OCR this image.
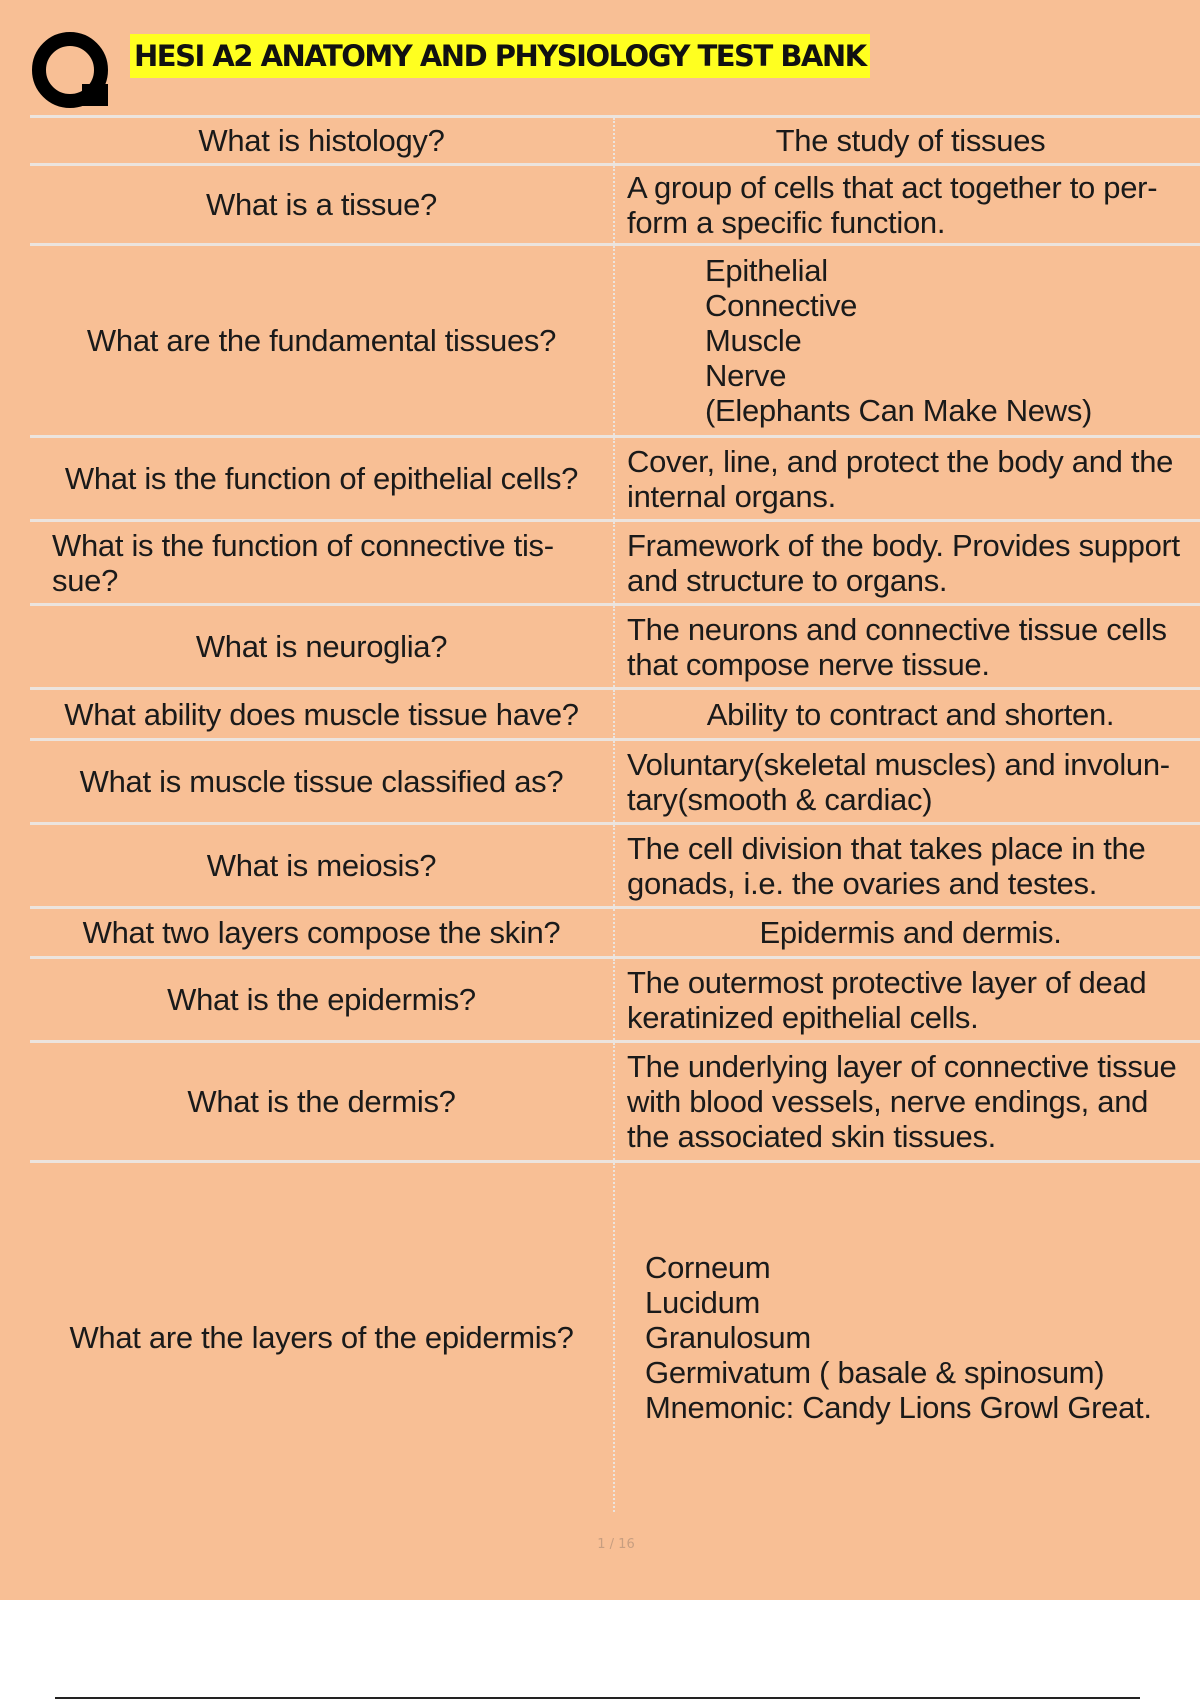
HESI A2 ANATOMY AND PHYSIOLOGY TEST BANK
What is histology?	The study of tissues
What is a tissue?	A group of cells that act together to per- form a specific function.
What are the fundamental tissues?	Epithelial
Connective
Muscle
Nerve
(Elephants Can Make News)

What is the function of epithelial cells?	Cover, line, and protect the body and the internal organs.
What is the function of connective tis- sue?	Framework of the body. Provides support and structure to organs.
What is neuroglia?	The neurons and connective tissue cells that compose nerve tissue.
What ability does muscle tissue have?	Ability to contract and shorten.
What is muscle tissue classified as?	Voluntary(skeletal muscles) and involun- tary(smooth & cardiac)
What is meiosis?	The cell division that takes place in the gonads, i.e. the ovaries and testes.
What two layers compose the skin?	Epidermis and dermis.
What is the epidermis?	The outermost protective layer of dead keratinized epithelial cells.
What is the dermis?	The underlying layer of connective tissue with blood vessels, nerve endings, and the associated skin tissues.
What are the layers of the epidermis?	Corneum
Lucidum
Granulosum
Germivatum ( basale & spinosum)
Mnemonic: Candy Lions Growl Great.
1 / 16
